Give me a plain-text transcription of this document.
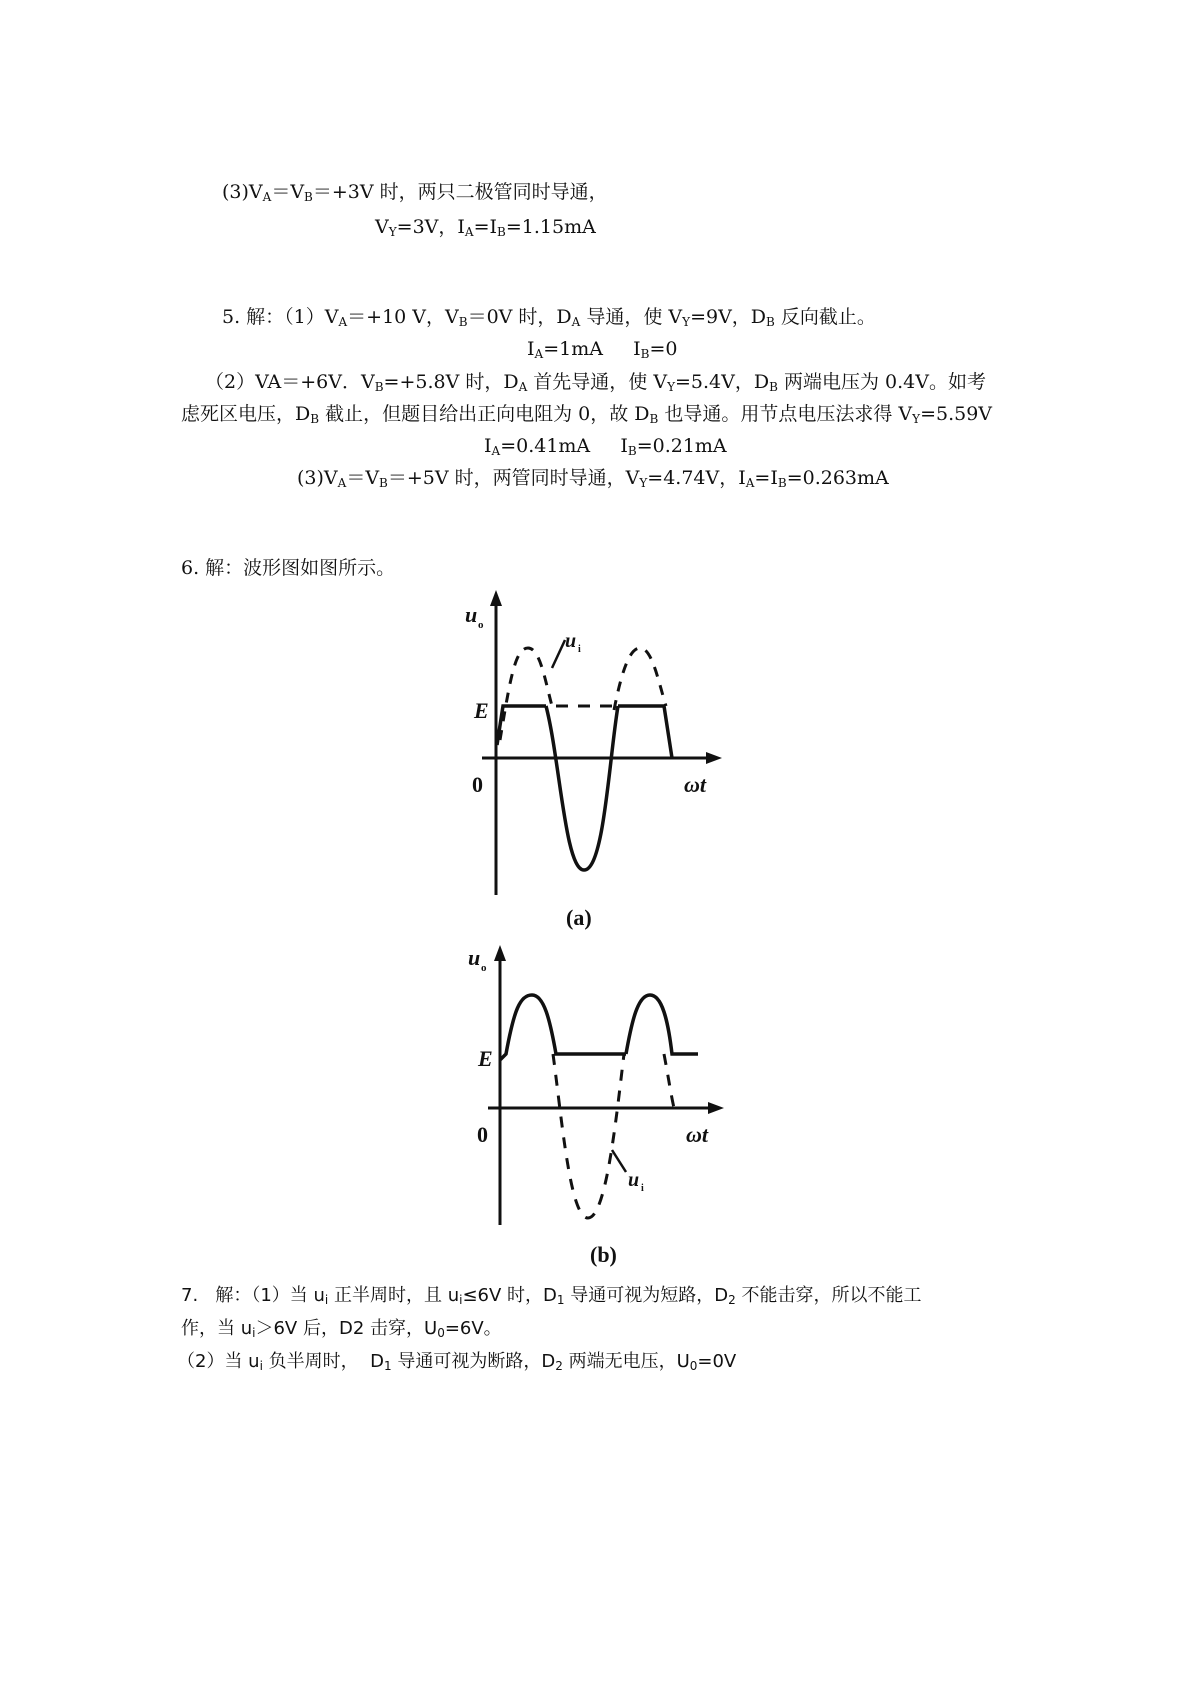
$(3)V_A=V_B=+3V$ 时，两只二极管同时导通，
$V_Y=3V$，$I_A=I_B=1.15mA$
5. 解：$(1)V_A=+10$ V，$V_B=0V$ 时，$D_A$ 导通，使 $V_Y=9V$，$D_B$ 反向截止。
$I_A=1mA$     $I_B=0$
（2）VA＝+6V．$V_B=+5.8V$ 时，$D_A$ 首先导通，使 $V_Y=5.4V$，$D_B$ 两端电压为 0.4V。如考
虑死区电压，$D_B$ 截止，但题目给出正向电阻为 0，故 $D_B$ 也导通。用节点电压法求得 $V_Y=5.59V$
$I_A=0.41mA$     $I_B=0.21mA$
$(3)V_A=V_B=+5V$ 时，两管同时导通，$V_Y=4.74V$，$I_A=I_B=0.263mA$
6. 解：波形图如图所示。
u o
u i
E
0	ωt
(a)
u o
E
0	ωt
u i
(b)
7.   解：（1）当 $u_i$ 正半周时，且 $u_i\le 6V$ 时，$D_1$ 导通可视为短路，$D_2$ 不能击穿，所以不能工
作，当 $u_i>6V$ 后，D2 击穿，$U_0=6V$。
（2）当 $u_i$ 负半周时，  $D_1$ 导通可视为断路，$D_2$ 两端无电压，$U_0=0V$
